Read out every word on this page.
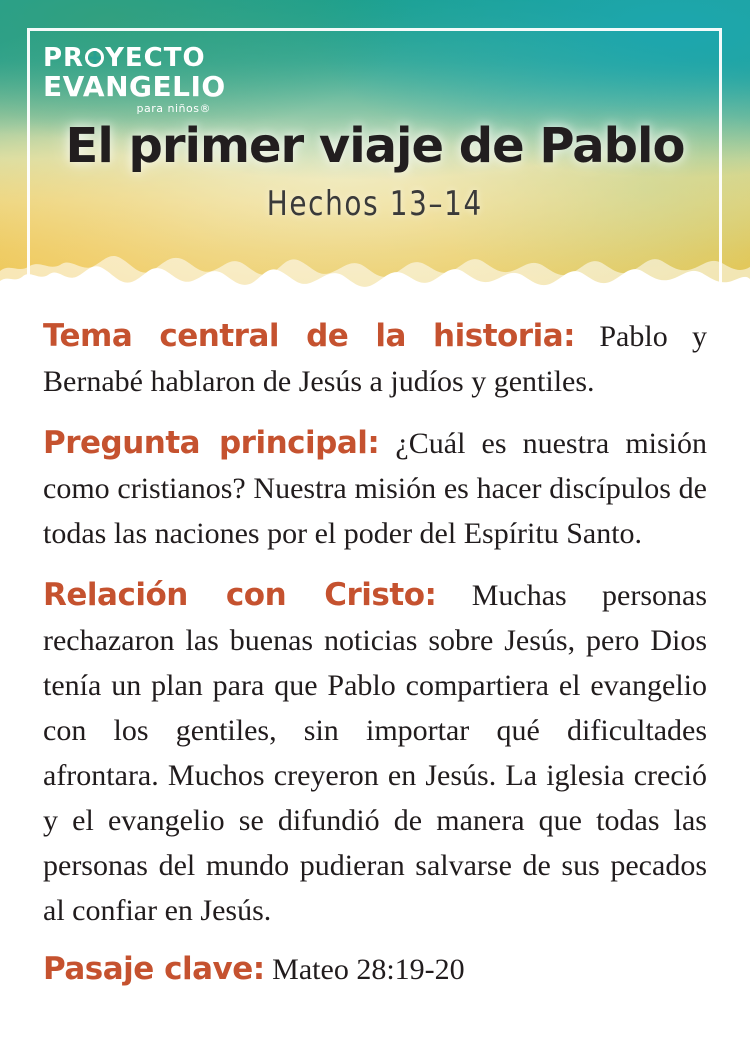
PR YECTO
EVANGELIO
para niños®
El primer viaje de Pablo
Hechos 13–14

Tema central de la historia: Pablo y Bernabé hablaron de Jesús a judíos y gentiles.

Pregunta principal: ¿Cuál es nuestra misión como cristianos? Nuestra misión es hacer discípulos de todas las naciones por el poder del Espíritu Santo.

Relación con Cristo: Muchas personas rechazaron las buenas noticias sobre Jesús, pero Dios tenía un plan para que Pablo compartiera el evangelio con los gentiles, sin importar qué dificultades afrontara. Muchos creyeron en Jesús. La iglesia creció y el evangelio se difundió de manera que todas las personas del mundo pudieran salvarse de sus pecados al confiar en Jesús.

Pasaje clave: Mateo 28:19-20
